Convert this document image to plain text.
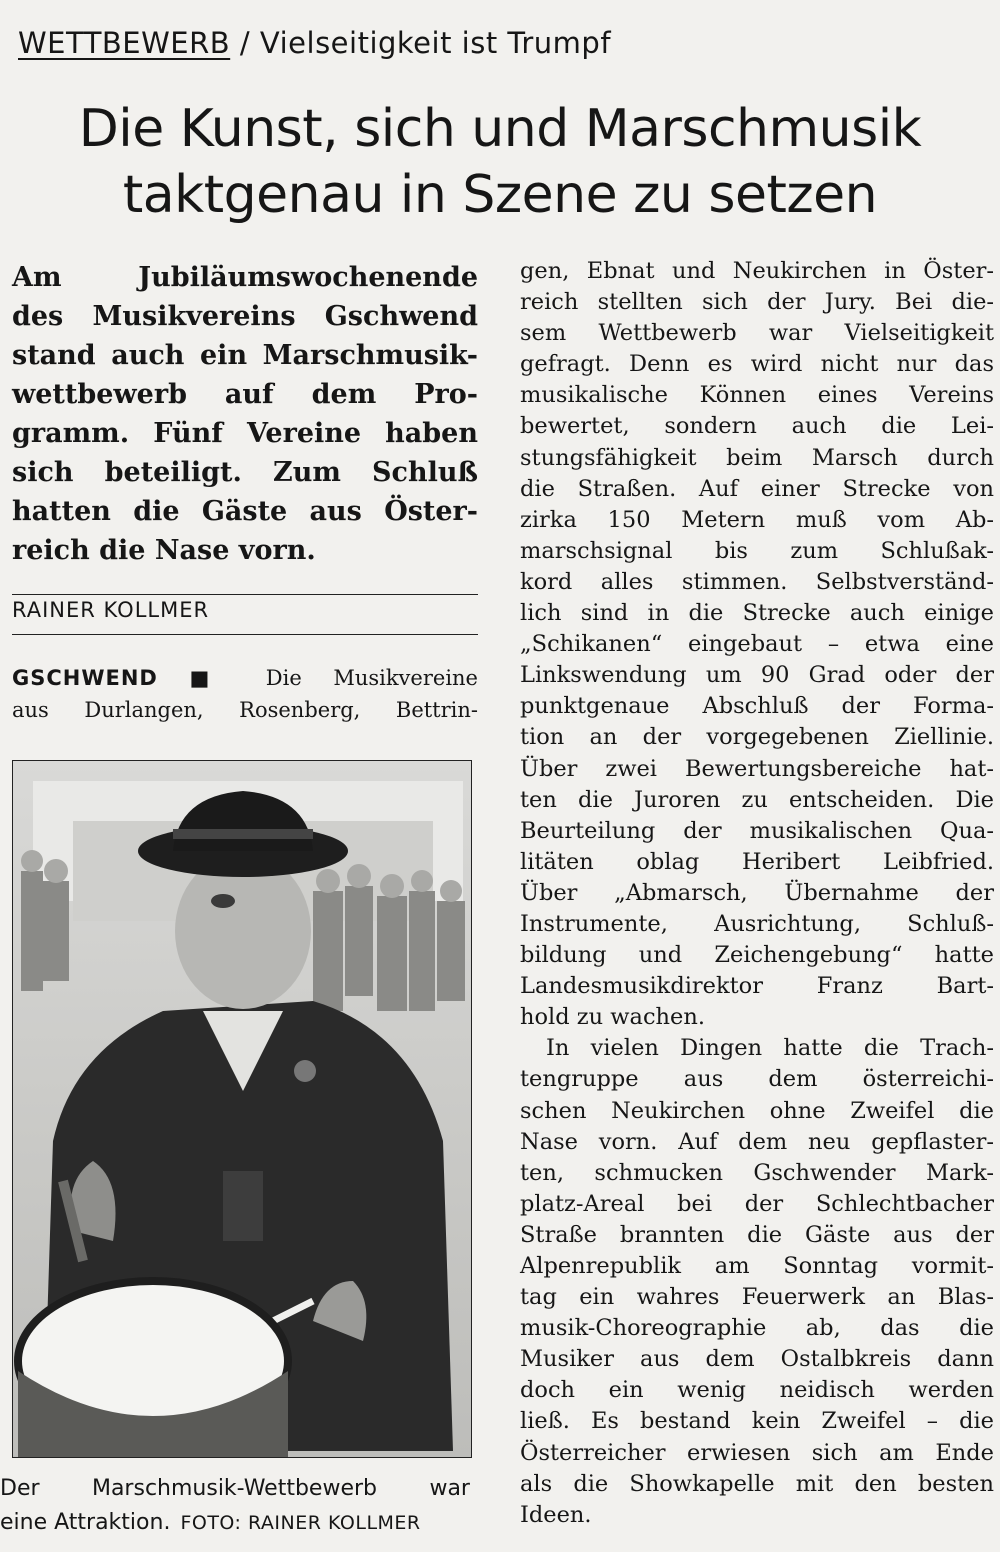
WETTBEWERB / Vielseitigkeit ist Trumpf
Die Kunst, sich und Marschmusik
taktgenau in Szene zu setzen
Am Jubiläumswochenende
des Musikvereins Gschwend
stand auch ein Marschmusik-
wettbewerb auf dem Pro-
gramm. Fünf Vereine haben
sich beteiligt. Zum Schluß
hatten die Gäste aus Öster-
reich die Nase vorn.
RAINER KOLLMER
GSCHWEND ■ Die Musikvereine
aus Durlangen, Rosenberg, Bettrin-
Der Marschmusik-Wettbewerb war
eine Attraktion. FOTO: RAINER KOLLMER
gen, Ebnat und Neukirchen in Öster-
reich stellten sich der Jury. Bei die-
sem Wettbewerb war Vielseitigkeit
gefragt. Denn es wird nicht nur das
musikalische Können eines Vereins
bewertet, sondern auch die Lei-
stungsfähigkeit beim Marsch durch
die Straßen. Auf einer Strecke von
zirka 150 Metern muß vom Ab-
marschsignal bis zum Schlußak-
kord alles stimmen. Selbstverständ-
lich sind in die Strecke auch einige
„Schikanen“ eingebaut – etwa eine
Linkswendung um 90 Grad oder der
punktgenaue Abschluß der Forma-
tion an der vorgegebenen Ziellinie.
Über zwei Bewertungsbereiche hat-
ten die Juroren zu entscheiden. Die
Beurteilung der musikalischen Qua-
litäten oblag Heribert Leibfried.
Über „Abmarsch, Übernahme der
Instrumente, Ausrichtung, Schluß-
bildung und Zeichengebung“ hatte
Landesmusikdirektor Franz Bart-
hold zu wachen.
In vielen Dingen hatte die Trach-
tengruppe aus dem österreichi-
schen Neukirchen ohne Zweifel die
Nase vorn. Auf dem neu gepflaster-
ten, schmucken Gschwender Mark-
platz-Areal bei der Schlechtbacher
Straße brannten die Gäste aus der
Alpenrepublik am Sonntag vormit-
tag ein wahres Feuerwerk an Blas-
musik-Choreographie ab, das die
Musiker aus dem Ostalbkreis dann
doch ein wenig neidisch werden
ließ. Es bestand kein Zweifel – die
Österreicher erwiesen sich am Ende
als die Showkapelle mit den besten
Ideen.
